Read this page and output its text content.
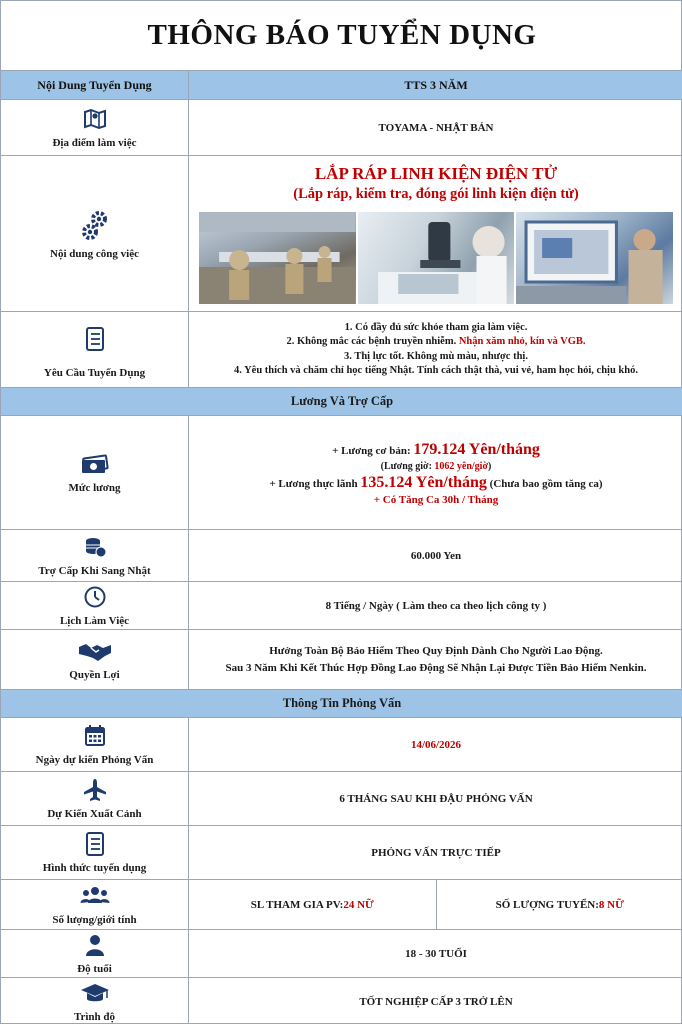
THÔNG BÁO TUYỂN DỤNG
Nội Dung Tuyển Dụng	TTS 3 NĂM
Địa điểm làm việc
TOYAMA - NHẬT BẢN
Nội dung công việc
LẮP RÁP LINH KIỆN ĐIỆN TỬ
(Lắp ráp, kiểm tra, đóng gói linh kiện điện tử)
Yêu Cầu Tuyển Dụng
1. Có đầy đủ sức khỏe tham gia làm việc.
2. Không mắc các bệnh truyền nhiễm. Nhận xăm nhỏ, kín và VGB.
3. Thị lực tốt. Không mù màu, nhược thị.
4. Yêu thích và chăm chỉ học tiếng Nhật. Tính cách thật thà, vui vẻ, ham học hỏi, chịu khó.
Lương Và Trợ Cấp
Mức lương
+ Lương cơ bản: 179.124 Yên/tháng
(Lương giờ: 1062 yên/giờ)
+ Lương thực lãnh 135.124 Yên/tháng (Chưa bao gồm tăng ca)
+ Có Tăng Ca 30h / Tháng
Trợ Cấp Khi Sang Nhật
60.000 Yen
Lịch Làm Việc
8 Tiếng / Ngày ( Làm theo ca theo lịch công ty )
Quyền Lợi
Hưởng Toàn Bộ Bảo Hiểm Theo Quy Định Dành Cho Người Lao Động.
Sau 3 Năm Khi Kết Thúc Hợp Đồng Lao Động Sẽ Nhận Lại Được Tiền Bảo Hiểm Nenkin.
Thông Tin Phỏng Vấn
Ngày dự kiến Phỏng Vấn
14/06/2026
Dự Kiến Xuất Cảnh
6 THÁNG SAU KHI ĐẬU PHỎNG VẤN
Hình thức tuyển dụng
PHỎNG VẤN TRỰC TIẾP
Số lượng/giới tính
SL THAM GIA PV: 24 NỮ	SỐ LƯỢNG TUYỂN: 8 NỮ
Độ tuổi
18 - 30 TUỔI
Trình độ
TỐT NGHIỆP CẤP 3 TRỞ LÊN
